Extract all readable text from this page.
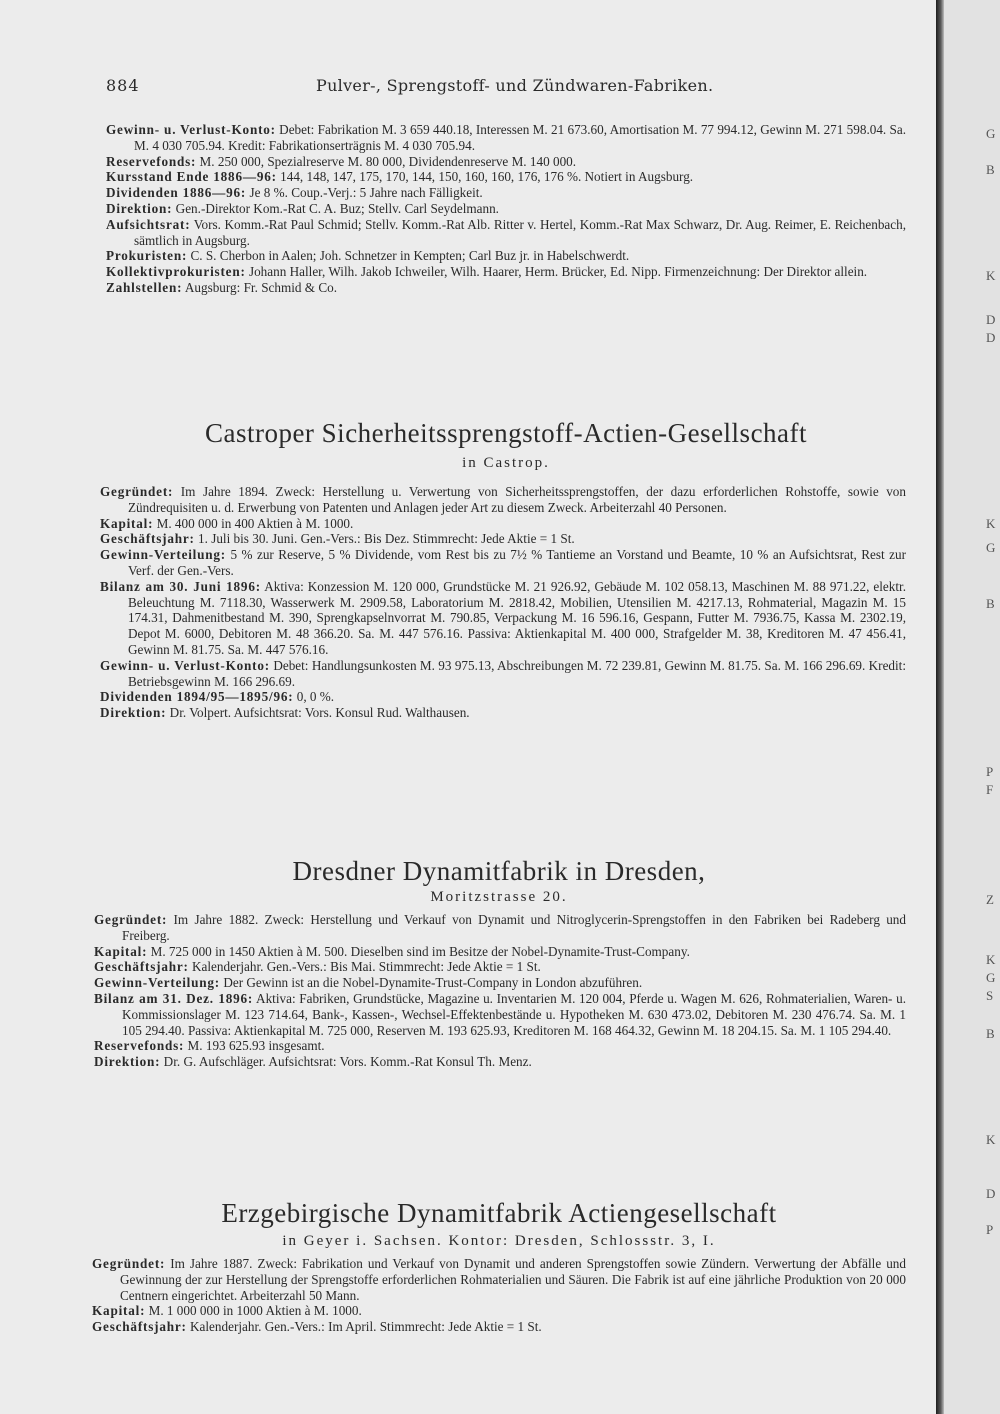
884	Pulver-, Sprengstoff- und Zündwaren-Fabriken.

Gewinn- u. Verlust-Konto: Debet: Fabrikation M. 3 659 440.18, Interessen M. 21 673.60, Amortisation M. 77 994.12, Gewinn M. 271 598.04. Sa. M. 4 030 705.94. Kredit: Fabrikationserträgnis M. 4 030 705.94.

Reservefonds: M. 250 000, Spezialreserve M. 80 000, Dividendenreserve M. 140 000.

Kursstand Ende 1886—96: 144, 148, 147, 175, 170, 144, 150, 160, 160, 176, 176 %. Notiert in Augsburg.

Dividenden 1886—96: Je 8 %. Coup.-Verj.: 5 Jahre nach Fälligkeit.

Direktion: Gen.-Direktor Kom.-Rat C. A. Buz; Stellv. Carl Seydelmann.

Aufsichtsrat: Vors. Komm.-Rat Paul Schmid; Stellv. Komm.-Rat Alb. Ritter v. Hertel, Komm.-Rat Max Schwarz, Dr. Aug. Reimer, E. Reichenbach, sämtlich in Augsburg.

Prokuristen: C. S. Cherbon in Aalen; Joh. Schnetzer in Kempten; Carl Buz jr. in Habelschwerdt.

Kollektivprokuristen: Johann Haller, Wilh. Jakob Ichweiler, Wilh. Haarer, Herm. Brücker, Ed. Nipp. Firmenzeichnung: Der Direktor allein.

Zahlstellen: Augsburg: Fr. Schmid & Co.

Castroper Sicherheitssprengstoff-Actien-Gesellschaft
in Castrop.

Gegründet: Im Jahre 1894. Zweck: Herstellung u. Verwertung von Sicherheitssprengstoffen, der dazu erforderlichen Rohstoffe, sowie von Zündrequisiten u. d. Erwerbung von Patenten und Anlagen jeder Art zu diesem Zweck. Arbeiterzahl 40 Personen.

Kapital: M. 400 000 in 400 Aktien à M. 1000.

Geschäftsjahr: 1. Juli bis 30. Juni. Gen.-Vers.: Bis Dez. Stimmrecht: Jede Aktie = 1 St.

Gewinn-Verteilung: 5 % zur Reserve, 5 % Dividende, vom Rest bis zu 7½ % Tantieme an Vorstand und Beamte, 10 % an Aufsichtsrat, Rest zur Verf. der Gen.-Vers.

Bilanz am 30. Juni 1896: Aktiva: Konzession M. 120 000, Grundstücke M. 21 926.92, Gebäude M. 102 058.13, Maschinen M. 88 971.22, elektr. Beleuchtung M. 7118.30, Wasserwerk M. 2909.58, Laboratorium M. 2818.42, Mobilien, Utensilien M. 4217.13, Rohmaterial, Magazin M. 15 174.31, Dahmenitbestand M. 390, Sprengkapselnvorrat M. 790.85, Verpackung M. 16 596.16, Gespann, Futter M. 7936.75, Kassa M. 2302.19, Depot M. 6000, Debitoren M. 48 366.20. Sa. M. 447 576.16. Passiva: Aktienkapital M. 400 000, Strafgelder M. 38, Kreditoren M. 47 456.41, Gewinn M. 81.75. Sa. M. 447 576.16.

Gewinn- u. Verlust-Konto: Debet: Handlungsunkosten M. 93 975.13, Abschreibungen M. 72 239.81, Gewinn M. 81.75. Sa. M. 166 296.69. Kredit: Betriebsgewinn M. 166 296.69.

Dividenden 1894/95—1895/96: 0, 0 %.

Direktion: Dr. Volpert. Aufsichtsrat: Vors. Konsul Rud. Walthausen.

Dresdner Dynamitfabrik in Dresden,
Moritzstrasse 20.

Gegründet: Im Jahre 1882. Zweck: Herstellung und Verkauf von Dynamit und Nitroglycerin-Sprengstoffen in den Fabriken bei Radeberg und Freiberg.

Kapital: M. 725 000 in 1450 Aktien à M. 500. Dieselben sind im Besitze der Nobel-Dynamite-Trust-Company.

Geschäftsjahr: Kalenderjahr. Gen.-Vers.: Bis Mai. Stimmrecht: Jede Aktie = 1 St.

Gewinn-Verteilung: Der Gewinn ist an die Nobel-Dynamite-Trust-Company in London abzuführen.

Bilanz am 31. Dez. 1896: Aktiva: Fabriken, Grundstücke, Magazine u. Inventarien M. 120 004, Pferde u. Wagen M. 626, Rohmaterialien, Waren- u. Kommissionslager M. 123 714.64, Bank-, Kassen-, Wechsel-Effektenbestände u. Hypotheken M. 630 473.02, Debitoren M. 230 476.74. Sa. M. 1 105 294.40. Passiva: Aktienkapital M. 725 000, Reserven M. 193 625.93, Kreditoren M. 168 464.32, Gewinn M. 18 204.15. Sa. M. 1 105 294.40.

Reservefonds: M. 193 625.93 insgesamt.

Direktion: Dr. G. Aufschläger. Aufsichtsrat: Vors. Komm.-Rat Konsul Th. Menz.

Erzgebirgische Dynamitfabrik Actiengesellschaft
in Geyer i. Sachsen. Kontor: Dresden, Schlossstr. 3, I.

Gegründet: Im Jahre 1887. Zweck: Fabrikation und Verkauf von Dynamit und anderen Sprengstoffen sowie Zündern. Verwertung der Abfälle und Gewinnung der zur Herstellung der Sprengstoffe erforderlichen Rohmaterialien und Säuren. Die Fabrik ist auf eine jährliche Produktion von 20 000 Centnern eingerichtet. Arbeiterzahl 50 Mann.

Kapital: M. 1 000 000 in 1000 Aktien à M. 1000.

Geschäftsjahr: Kalenderjahr. Gen.-Vers.: Im April. Stimmrecht: Jede Aktie = 1 St.

G
B
K
D
D
K
G
B
P
F
Z
K
G
S
B
K
D
P
